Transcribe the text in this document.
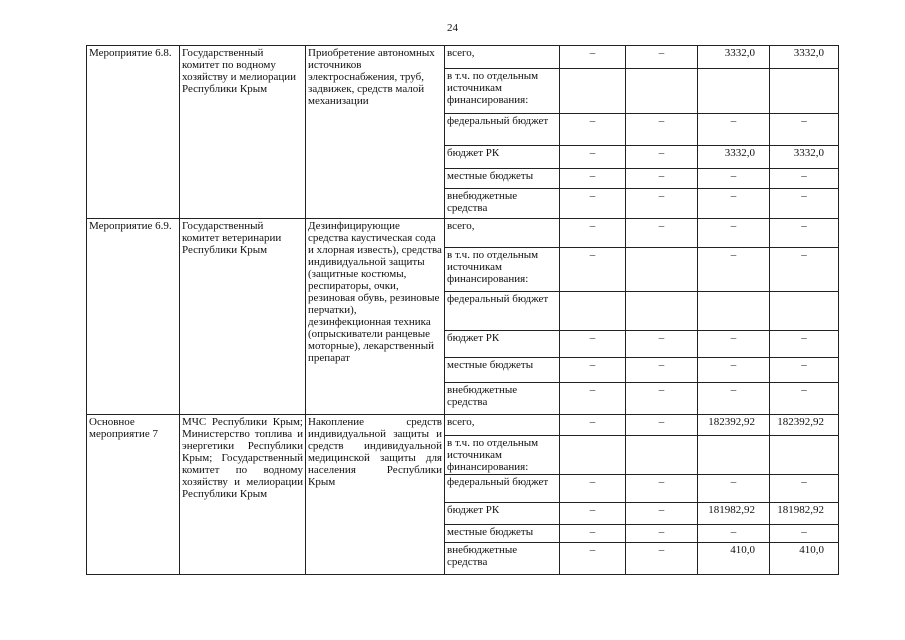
24
Мероприятие 6.8.	Государственный комитет по водному хозяйству и мелиорации Республики Крым	Приобретение автономных источников электроснабжения, труб, задвижек, средств малой механизации	всего,	–	–	3332,0	3332,0
			в т.ч. по отдельным источникам финансирования:				
			федеральный бюджет	–	–	–	–
			бюджет РК	–	–	3332,0	3332,0
			местные бюджеты	–	–	–	–
			внебюджетные средства	–	–	–	–
Мероприятие 6.9.	Государственный комитет ветеринарии Республики Крым	Дезинфицирующие средства каустическая сода и хлорная известь), средства индивидуальной защиты (защитные костюмы, респираторы, очки, резиновая обувь, резиновые перчатки), дезинфекционная техника (опрыскиватели ранцевые моторные), лекарственный препарат	всего,	–	–	–	–
			в т.ч. по отдельным источникам финансирования:	–		–	–
			федеральный бюджет				
			бюджет РК	–	–	–	–
			местные бюджеты	–	–	–	–
			внебюджетные средства	–	–	–	–
Основное мероприятие 7	МЧС Республики Крым; Министерство топлива и энергетики Республики Крым; Государственный комитет по водному хозяйству и мелиорации Республики Крым	Накопление средств индивидуальной защиты и средств индивидуальной медицинской защиты для населения Республики Крым	всего,	–	–	182392,92	182392,92
			в т.ч. по отдельным источникам финансирования:				
			федеральный бюджет	–	–	–	–
			бюджет РК	–	–	181982,92	181982,92
			местные бюджеты	–	–	–	–
			внебюджетные средства	–	–	410,0	410,0
